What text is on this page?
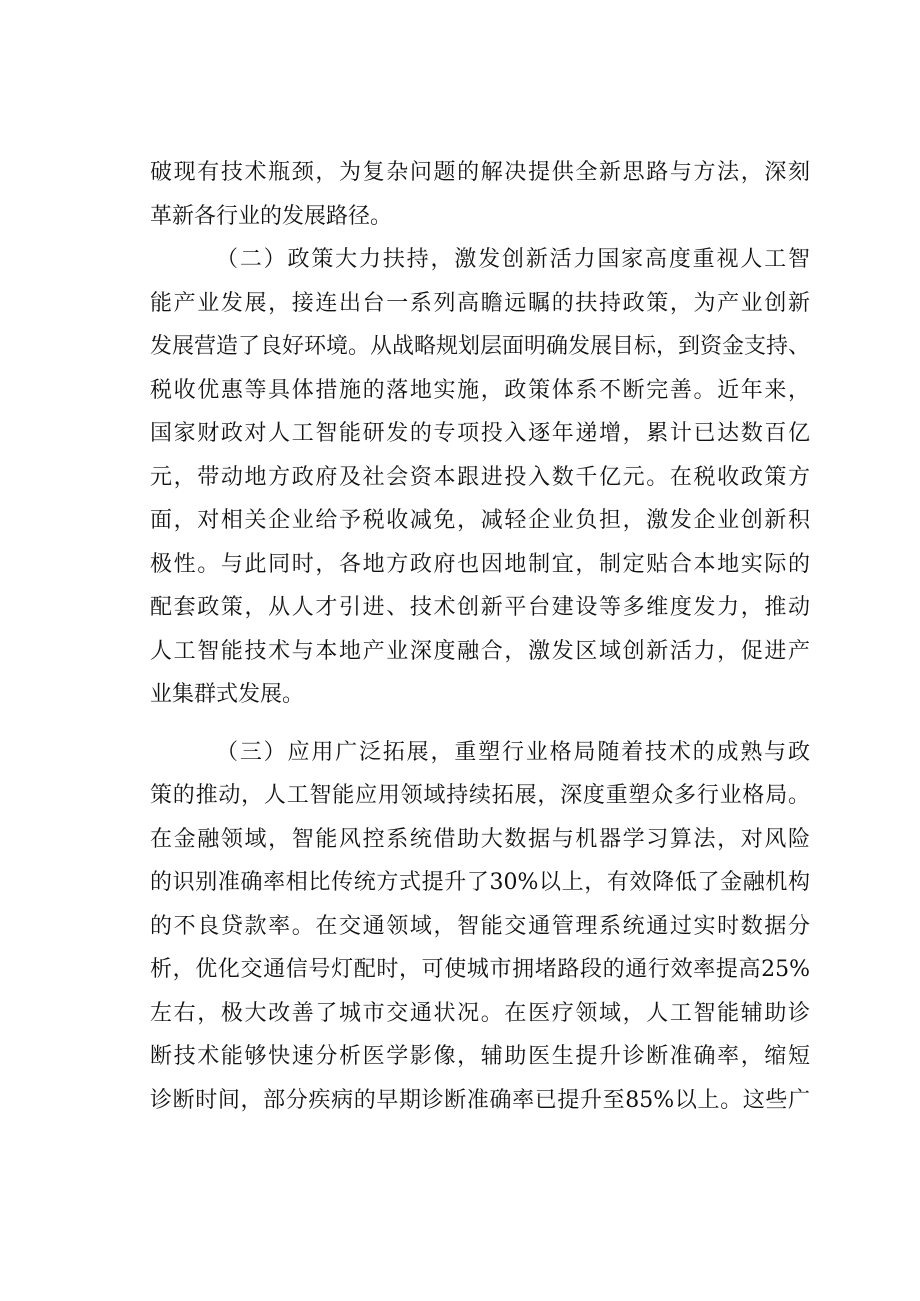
破现有技术瓶颈，为复杂问题的解决提供全新思路与方法，深刻
革新各行业的发展路径。
（二）政策大力扶持，激发创新活力国家高度重视人工智
能产业发展，接连出台一系列高瞻远瞩的扶持政策，为产业创新
发展营造了良好环境。从战略规划层面明确发展目标，到资金支持、
税收优惠等具体措施的落地实施，政策体系不断完善。近年来，
国家财政对人工智能研发的专项投入逐年递增，累计已达数百亿
元，带动地方政府及社会资本跟进投入数千亿元。在税收政策方
面，对相关企业给予税收减免，减轻企业负担，激发企业创新积
极性。与此同时，各地方政府也因地制宜，制定贴合本地实际的
配套政策，从人才引进、技术创新平台建设等多维度发力，推动
人工智能技术与本地产业深度融合，激发区域创新活力，促进产
业集群式发展。
（三）应用广泛拓展，重塑行业格局随着技术的成熟与政
策的推动，人工智能应用领域持续拓展，深度重塑众多行业格局。
在金融领域，智能风控系统借助大数据与机器学习算法，对风险
的识别准确率相比传统方式提升了30%以上，有效降低了金融机构
的不良贷款率。在交通领域，智能交通管理系统通过实时数据分
析，优化交通信号灯配时，可使城市拥堵路段的通行效率提高25%
左右，极大改善了城市交通状况。在医疗领域，人工智能辅助诊
断技术能够快速分析医学影像，辅助医生提升诊断准确率，缩短
诊断时间，部分疾病的早期诊断准确率已提升至85%以上。这些广
